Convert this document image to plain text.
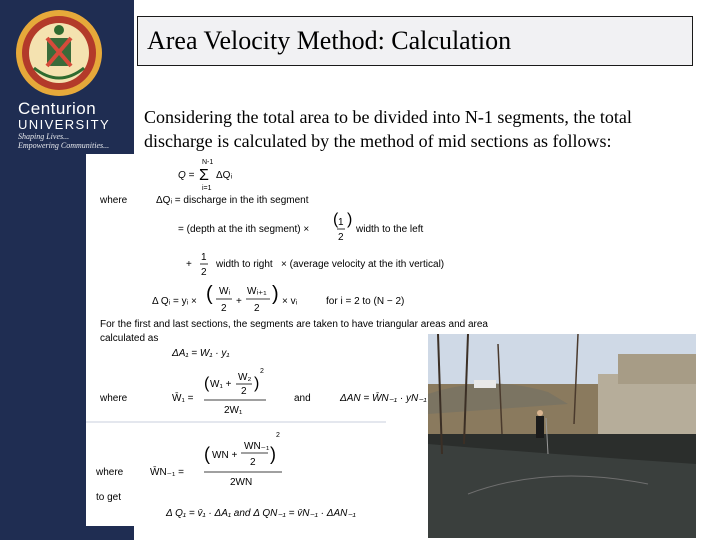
Centurion
UNIVERSITY
Shaping Lives...
Empowering Communities...
Area Velocity Method: Calculation
Considering the total area to be divided into N-1 segments, the total discharge is calculated by the method of mid sections as follows:
Q =
N-1
Σ
i=1
ΔQᵢ
where	ΔQᵢ = discharge in the ith segment
= (depth at the ith segment) ×
( 1
2
)
width to the left
+
1
2
width to right × (average velocity at the ith vertical)
Δ Qᵢ = yᵢ × ( Wᵢ
2
+
Wᵢ₊₁
2
) × vᵢ	for i = 2 to (N − 2)
For the first and last sections, the segments are taken to have triangular areas and area
calculated as
ΔA₁ = W₁ · y₁
where	W̄₁ =
( W₁ +
W₂
2 )
2
2W₁
and	ΔAN = W̄N₋₁ · yN₋₁
where	W̄N₋₁ =
( WN +
WN₋₁
2 )
2
2WN
to get
Δ Q₁ = v̄₁ · ΔA₁ and Δ QN₋₁ = v̄N₋₁ · ΔAN₋₁
